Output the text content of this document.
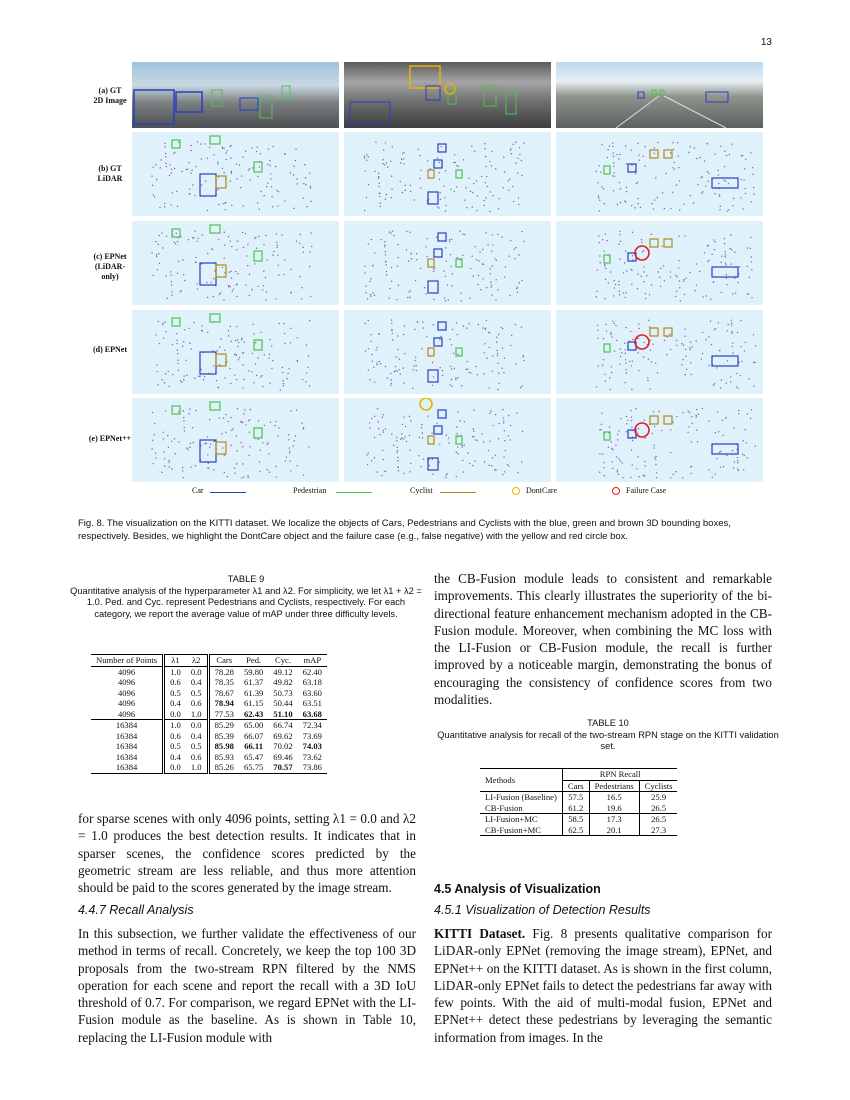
13
(a) GT
2D Image
(b) GT
LiDAR
(c) EPNet
(LiDAR-only)
(d) EPNet
(e) EPNet++
Car	Pedestrian	Cyclist	DontCare	Failure Case
Fig. 8. The visualization on the KITTI dataset. We localize the objects of Cars, Pedestrians and Cyclists with the blue, green and brown 3D bounding boxes, respectively. Besides, we highlight the DontCare object and the failure case (e.g., false negative) with the yellow and red circle box.
TABLE 9
Quantitative analysis of the hyperparameter λ1 and λ2. For simplicity, we let λ1 + λ2 = 1.0. Ped. and Cyc. represent Pedestrians and Cyclists, respectively. For each category, we report the average value of mAP under three difficulty levels.
Number of Points	λ1	λ2	Cars	Ped.	Cyc.	mAP
4096	1.0	0.0	78.28	59.80	49.12	62.40
4096	0.6	0.4	78.35	61.37	49.82	63.18
4096	0.5	0.5	78.67	61.39	50.73	63.60
4096	0.4	0.6	78.94	61.15	50.44	63.51
4096	0.0	1.0	77.53	62.43	51.10	63.68
16384	1.0	0.0	85.29	65.00	66.74	72.34
16384	0.6	0.4	85.39	66.07	69.62	73.69
16384	0.5	0.5	85.98	66.11	70.02	74.03
16384	0.4	0.6	85.93	65.47	69.46	73.62
16384	0.0	1.0	85.26	65.75	70.57	73.86
for sparse scenes with only 4096 points, setting λ1 = 0.0 and λ2 = 1.0 produces the best detection results. It indicates that in sparser scenes, the confidence scores predicted by the geometric stream are less reliable, and thus more attention should be paid to the scores generated by the image stream.
4.4.7 Recall Analysis
In this subsection, we further validate the effectiveness of our method in terms of recall. Concretely, we keep the top 100 3D proposals from the two-stream RPN filtered by the NMS operation for each scene and report the recall with a 3D IoU threshold of 0.7. For comparison, we regard EPNet with the LI-Fusion module as the baseline. As is shown in Table 10, replacing the LI-Fusion module with
the CB-Fusion module leads to consistent and remarkable improvements. This clearly illustrates the superiority of the bi-directional feature enhancement mechanism adopted in the CB-Fusion module. Moreover, when combining the MC loss with the LI-Fusion or CB-Fusion module, the recall is further improved by a noticeable margin, demonstrating the bonus of encouraging the consistency of confidence scores from two modalities.
TABLE 10
Quantitative analysis for recall of the two-stream RPN stage on the KITTI validation set.
Methods	RPN Recall		
	Cars	Pedestrians	Cyclists
LI-Fusion (Baseline)	57.5	16.5	25.9
CB-Fusion	61.2	19.6	26.5
LI-Fusion+MC	58.5	17.3	26.5
CB-Fusion+MC	62.5	20.1	27.3
4.5 Analysis of Visualization
4.5.1 Visualization of Detection Results
KITTI Dataset. Fig. 8 presents qualitative comparison for LiDAR-only EPNet (removing the image stream), EPNet, and EPNet++ on the KITTI dataset. As is shown in the first column, LiDAR-only EPNet fails to detect the pedestrians far away with few points. With the aid of multi-modal fusion, EPNet and EPNet++ detect these pedestrians by leveraging the semantic information from images. In the
